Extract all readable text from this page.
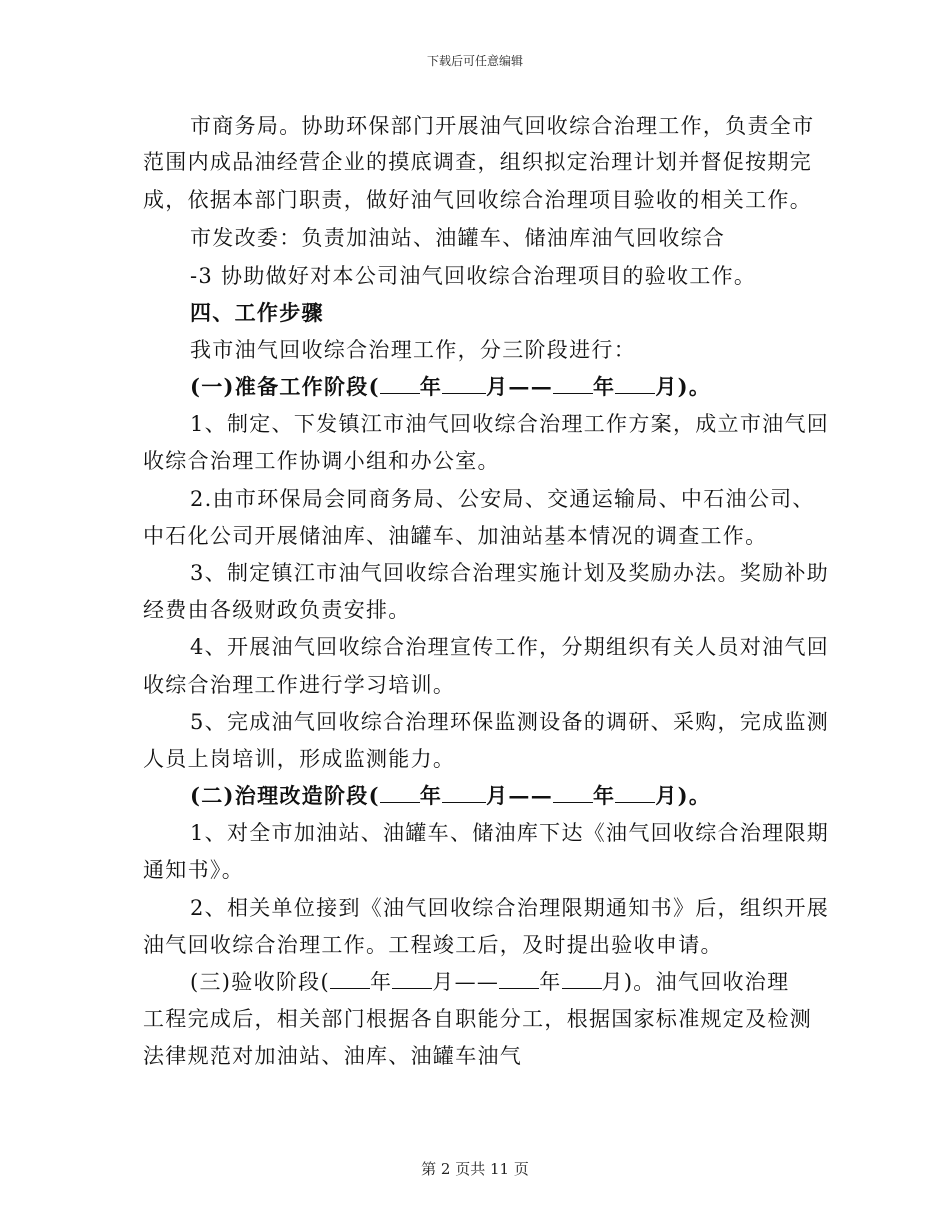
下载后可任意编辑
市商务局。协助环保部门开展油气回收综合治理工作，负责全市
范围内成品油经营企业的摸底调查，组织拟定治理计划并督促按期完
成，依据本部门职责，做好油气回收综合治理项目验收的相关工作。
市发改委：负责加油站、油罐车、储油库油气回收综合
-3 协助做好对本公司油气回收综合治理项目的验收工作。
四、工作步骤
我市油气回收综合治理工作，分三阶段进行：
(一)准备工作阶段( 年 月—— 年 月)。
1、制定、下发镇江市油气回收综合治理工作方案，成立市油气回
收综合治理工作协调小组和办公室。
2.由市环保局会同商务局、公安局、交通运输局、中石油公司、
中石化公司开展储油库、油罐车、加油站基本情况的调查工作。
3、制定镇江市油气回收综合治理实施计划及奖励办法。奖励补助
经费由各级财政负责安排。
4、开展油气回收综合治理宣传工作，分期组织有关人员对油气回
收综合治理工作进行学习培训。
5、完成油气回收综合治理环保监测设备的调研、采购，完成监测
人员上岗培训，形成监测能力。
(二)治理改造阶段( 年 月—— 年 月)。
1、对全市加油站、油罐车、储油库下达《油气回收综合治理限期
通知书》。
2、相关单位接到《油气回收综合治理限期通知书》后，组织开展
油气回收综合治理工作。工程竣工后，及时提出验收申请。
(三)验收阶段( 年 月—— 年 月)。油气回收治理
工程完成后，相关部门根据各自职能分工，根据国家标准规定及检测
法律规范对加油站、油库、油罐车油气
第 2 页共 11 页
